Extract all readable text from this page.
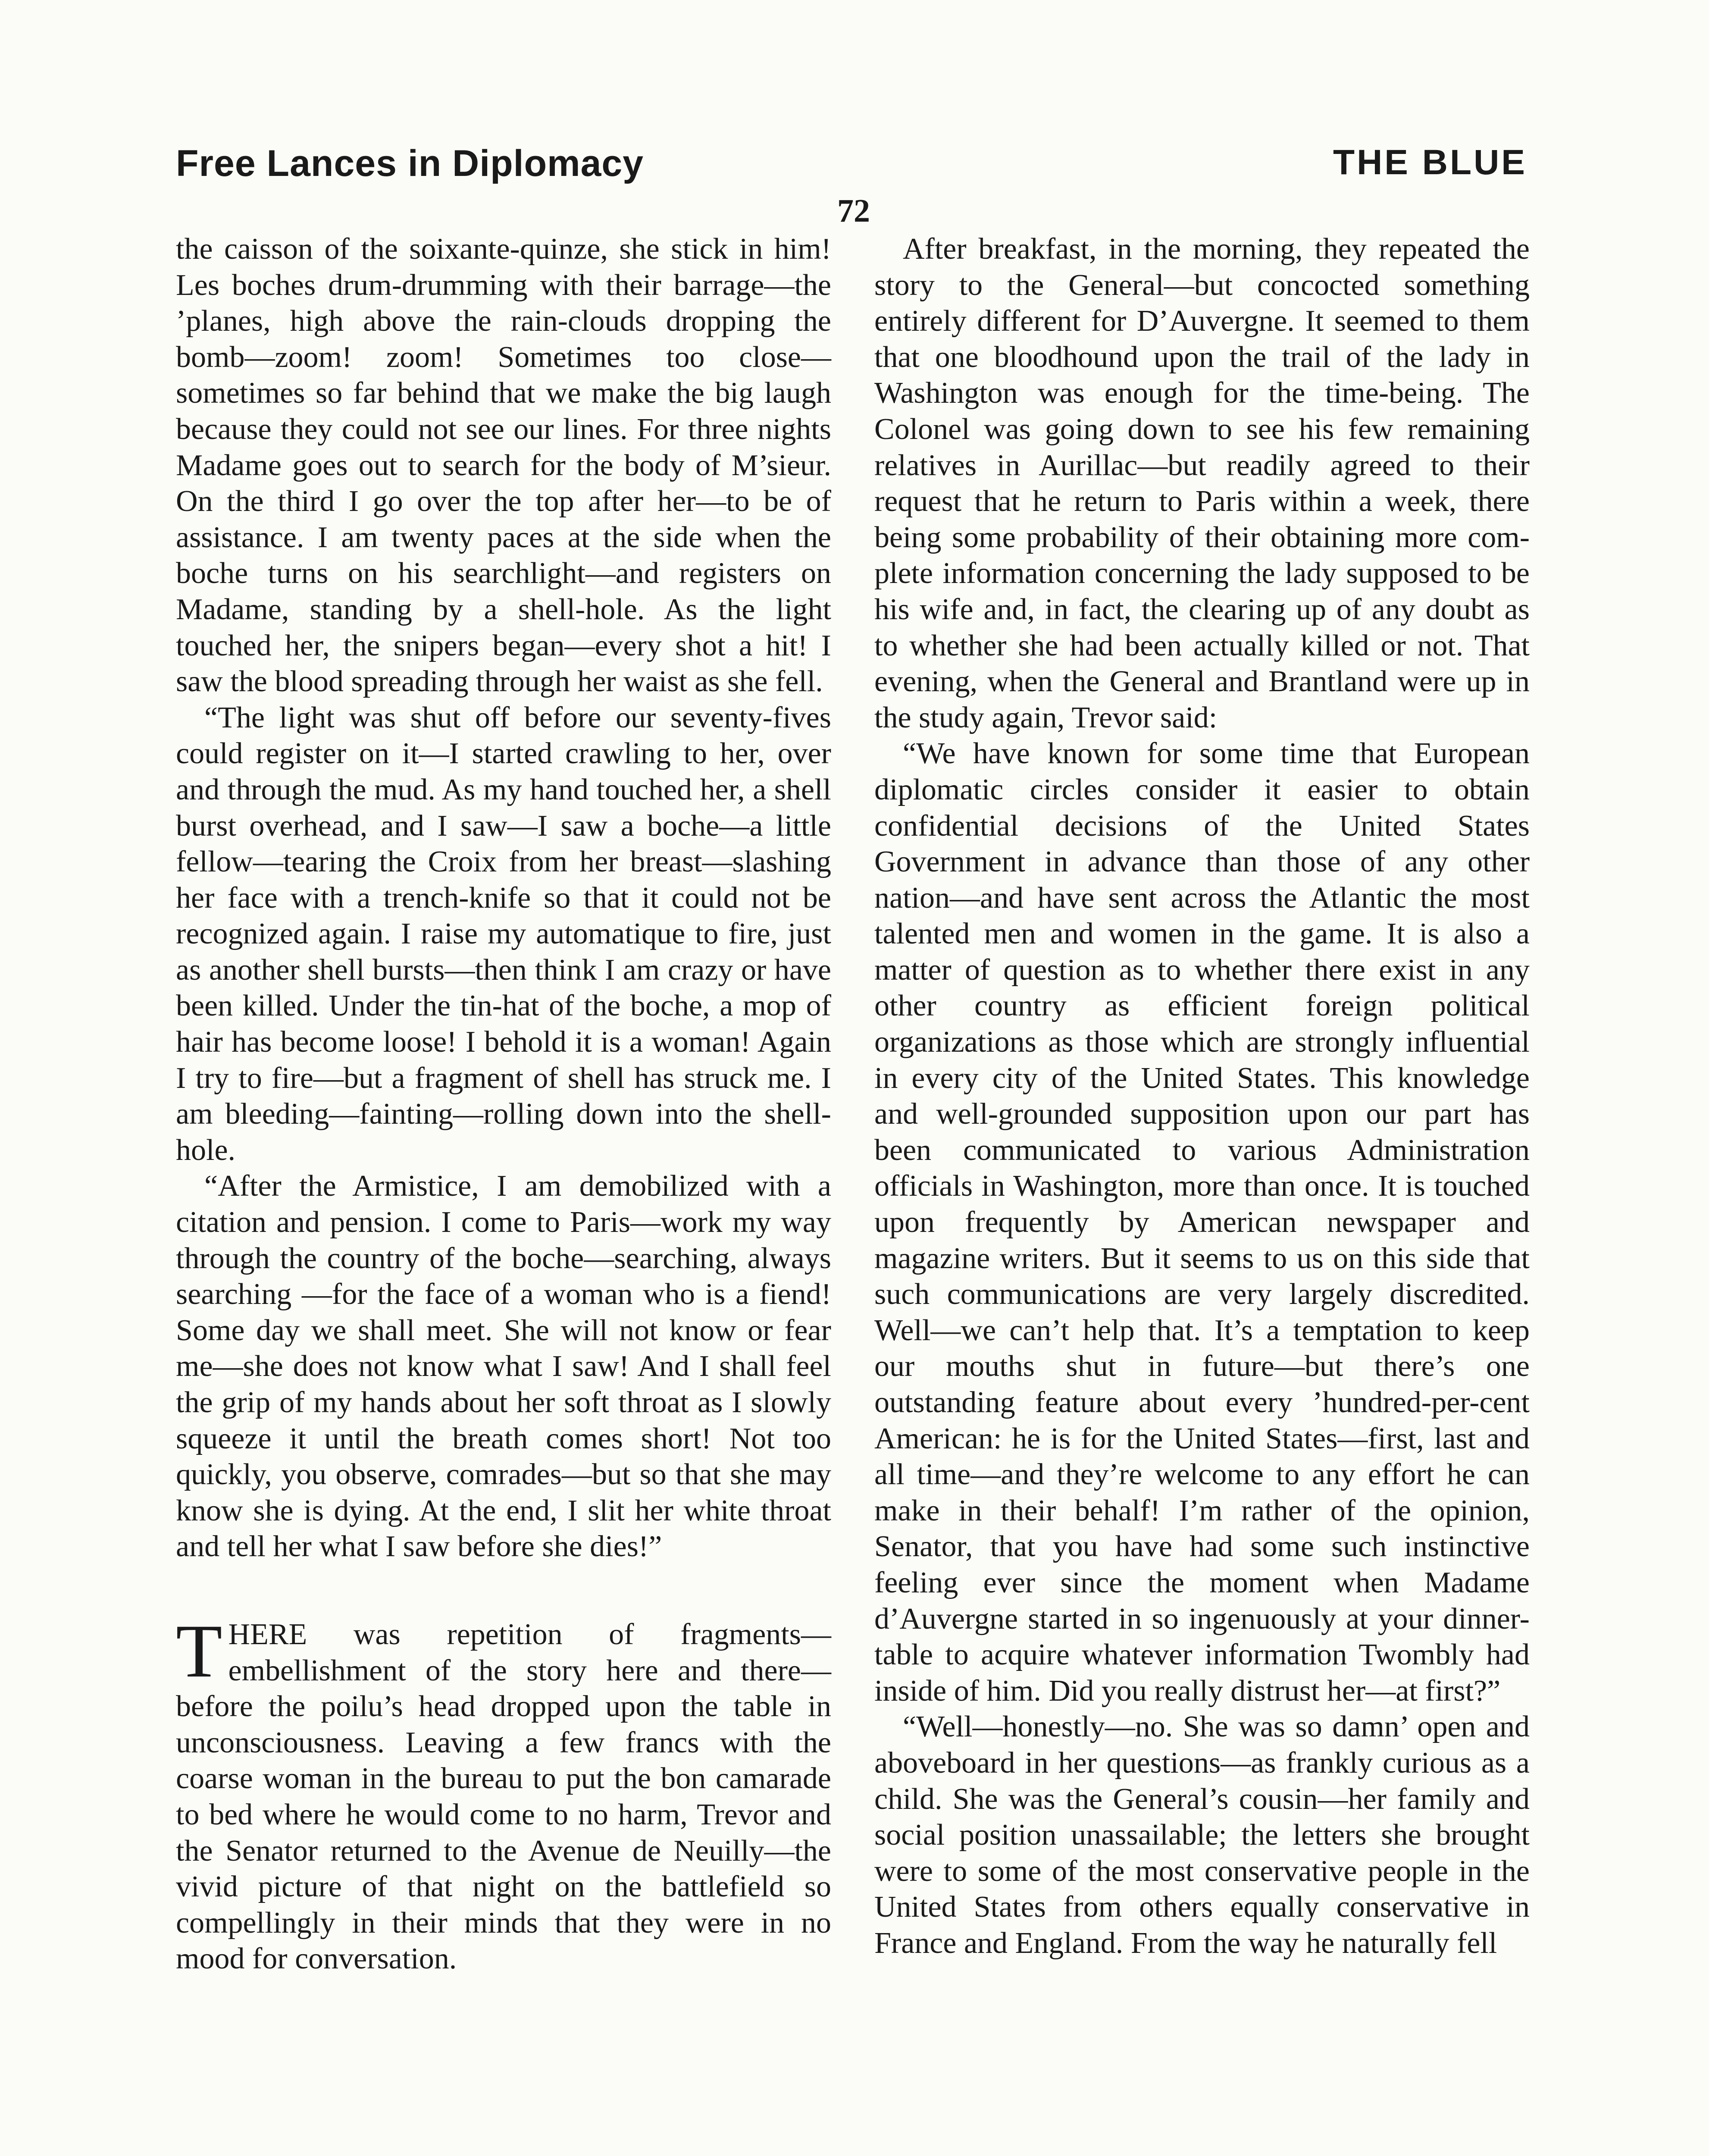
Free Lances in Diplomacy	THE BLUE
72

the caisson of the soixante-quinze, she stick in him! Les boches drum-drumming with their barrage—the ’planes, high above the rain-clouds dropping the bomb—zoom! zoom! Sometimes too close—sometimes so far behind that we make the big laugh because they could not see our lines. For three nights Madame goes out to search for the body of M’sieur. On the third I go over the top after her—to be of assistance. I am twenty paces at the side when the boche turns on his searchlight—and registers on Madame, standing by a shell-hole. As the light touched her, the snipers began—every shot a hit! I saw the blood spreading through her waist as she fell.

“The light was shut off before our seventy-fives could register on it—I started crawling to her, over and through the mud. As my hand touched her, a shell burst overhead, and I saw—I saw a boche—a little fellow—tearing the Croix from her breast—slashing her face with a trench-knife so that it could not be recognized again. I raise my automatique to fire, just as another shell bursts—then think I am crazy or have been killed. Under the tin-hat of the boche, a mop of hair has become loose! I behold it is a woman! Again I try to fire—but a fragment of shell has struck me. I am bleeding—fainting—rolling down into the shell-hole.

“After the Armistice, I am demobilized with a citation and pension. I come to Paris—work my way through the country of the boche—searching, always searching —for the face of a woman who is a fiend! Some day we shall meet. She will not know or fear me—she does not know what I saw! And I shall feel the grip of my hands about her soft throat as I slowly squeeze it until the breath comes short! Not too quickly, you observe, comrades—but so that she may know she is dying. At the end, I slit her white throat and tell her what I saw before she dies!”

THERE was repetition of fragments—embellishment of the story here and there—before the poilu’s head dropped upon the table in unconsciousness. Leaving a few francs with the coarse woman in the bureau to put the bon camarade to bed where he would come to no harm, Trevor and the Senator returned to the Avenue de Neuilly—the vivid picture of that night on the battlefield so compellingly in their minds that they were in no mood for conversation.

After breakfast, in the morning, they repeated the story to the General—but concocted something entirely different for D’Auvergne. It seemed to them that one bloodhound upon the trail of the lady in Washington was enough for the time-being. The Colonel was going down to see his few remaining relatives in Aurillac—but readily agreed to their request that he return to Paris within a week, there being some probability of their obtaining more complete information concerning the lady supposed to be his wife and, in fact, the clearing up of any doubt as to whether she had been actually killed or not. That evening, when the General and Brantland were up in the study again, Trevor said:

“We have known for some time that European diplomatic circles consider it easier to obtain confidential decisions of the United States Government in advance than those of any other nation—and have sent across the Atlantic the most talented men and women in the game. It is also a matter of question as to whether there exist in any other country as efficient foreign political organizations as those which are strongly influential in every city of the United States. This knowledge and well-grounded supposition upon our part has been communicated to various Administration officials in Washington, more than once. It is touched upon frequently by American newspaper and magazine writers. But it seems to us on this side that such communications are very largely discredited. Well—we can’t help that. It’s a temptation to keep our mouths shut in future—but there’s one outstanding feature about every ’hundred-per-cent American: he is for the United States—first, last and all time—and they’re welcome to any effort he can make in their behalf! I’m rather of the opinion, Senator, that you have had some such instinctive feeling ever since the moment when Madame d’Auvergne started in so ingenuously at your dinner-table to acquire whatever information Twombly had inside of him. Did you really distrust her—at first?”

“Well—honestly—no. She was so damn’ open and aboveboard in her questions—as frankly curious as a child. She was the General’s cousin—her family and social position unassailable; the letters she brought were to some of the most conservative people in the United States from others equally conservative in France and England. From the way he naturally fell
